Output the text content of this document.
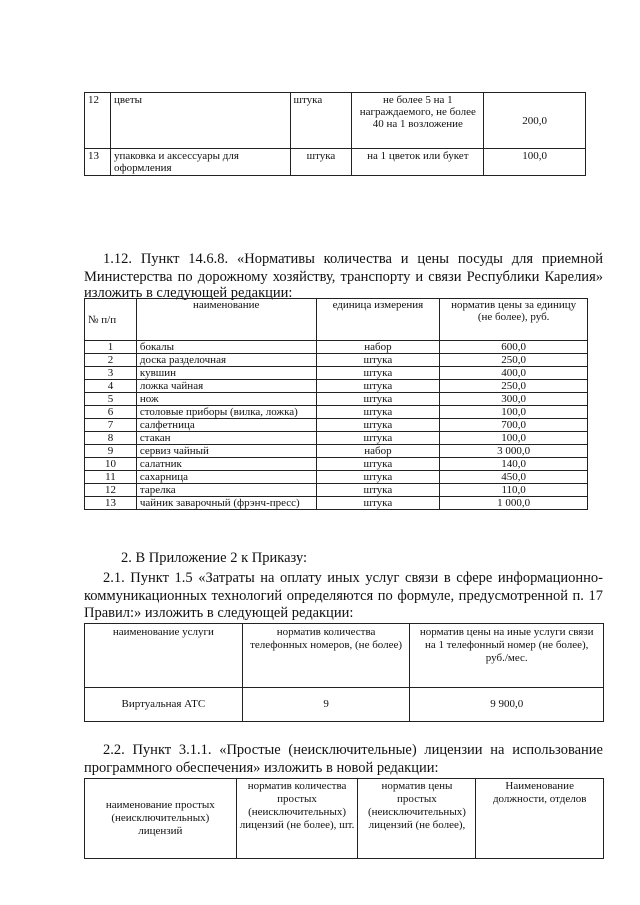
12	цветы	штука	не более 5 на 1 награждаемого, не более 40 на 1 возложение	200,0
13	упаковка и аксессуары для оформления	штука	на 1 цветок или букет	100,0
1.12. Пункт 14.6.8. «Нормативы количества и цены посуды для приемной
Министерства по дорожному хозяйству, транспорту и связи Республики Карелия»
изложить в следующей редакции:
№ п/п	наименование	единица измерения	норматив цены за единицу (не более), руб.
1	бокалы	набор	600,0
2	доска разделочная	штука	250,0
3	кувшин	штука	400,0
4	ложка чайная	штука	250,0
5	нож	штука	300,0
6	столовые приборы (вилка, ложка)	штука	100,0
7	салфетница	штука	700,0
8	стакан	штука	100,0
9	сервиз чайный	набор	3 000,0
10	салатник	штука	140,0
11	сахарница	штука	450,0
12	тарелка	штука	110,0
13	чайник заварочный (фрэнч-пресс)	штука	1 000,0
2. В Приложение 2 к Приказу:
2.1. Пункт 1.5 «Затраты на оплату иных услуг связи в сфере информационно-
коммуникационных технологий определяются по формуле, предусмотренной п. 17
Правил:» изложить в следующей редакции:
наименование услуги	норматив количества телефонных номеров, (не более)	норматив цены на иные услуги связи на 1 телефонный номер (не более), руб./мес.
Виртуальная АТС	9	9 900,0
2.2. Пункт 3.1.1. «Простые (неисключительные) лицензии на использование
программного обеспечения» изложить в новой редакции:
наименование простых (неисключительных) лицензий	норматив количества простых (неисключительных) лицензий (не более), шт.	норматив цены простых (неисключительных) лицензий (не более),	Наименование должности, отделов
